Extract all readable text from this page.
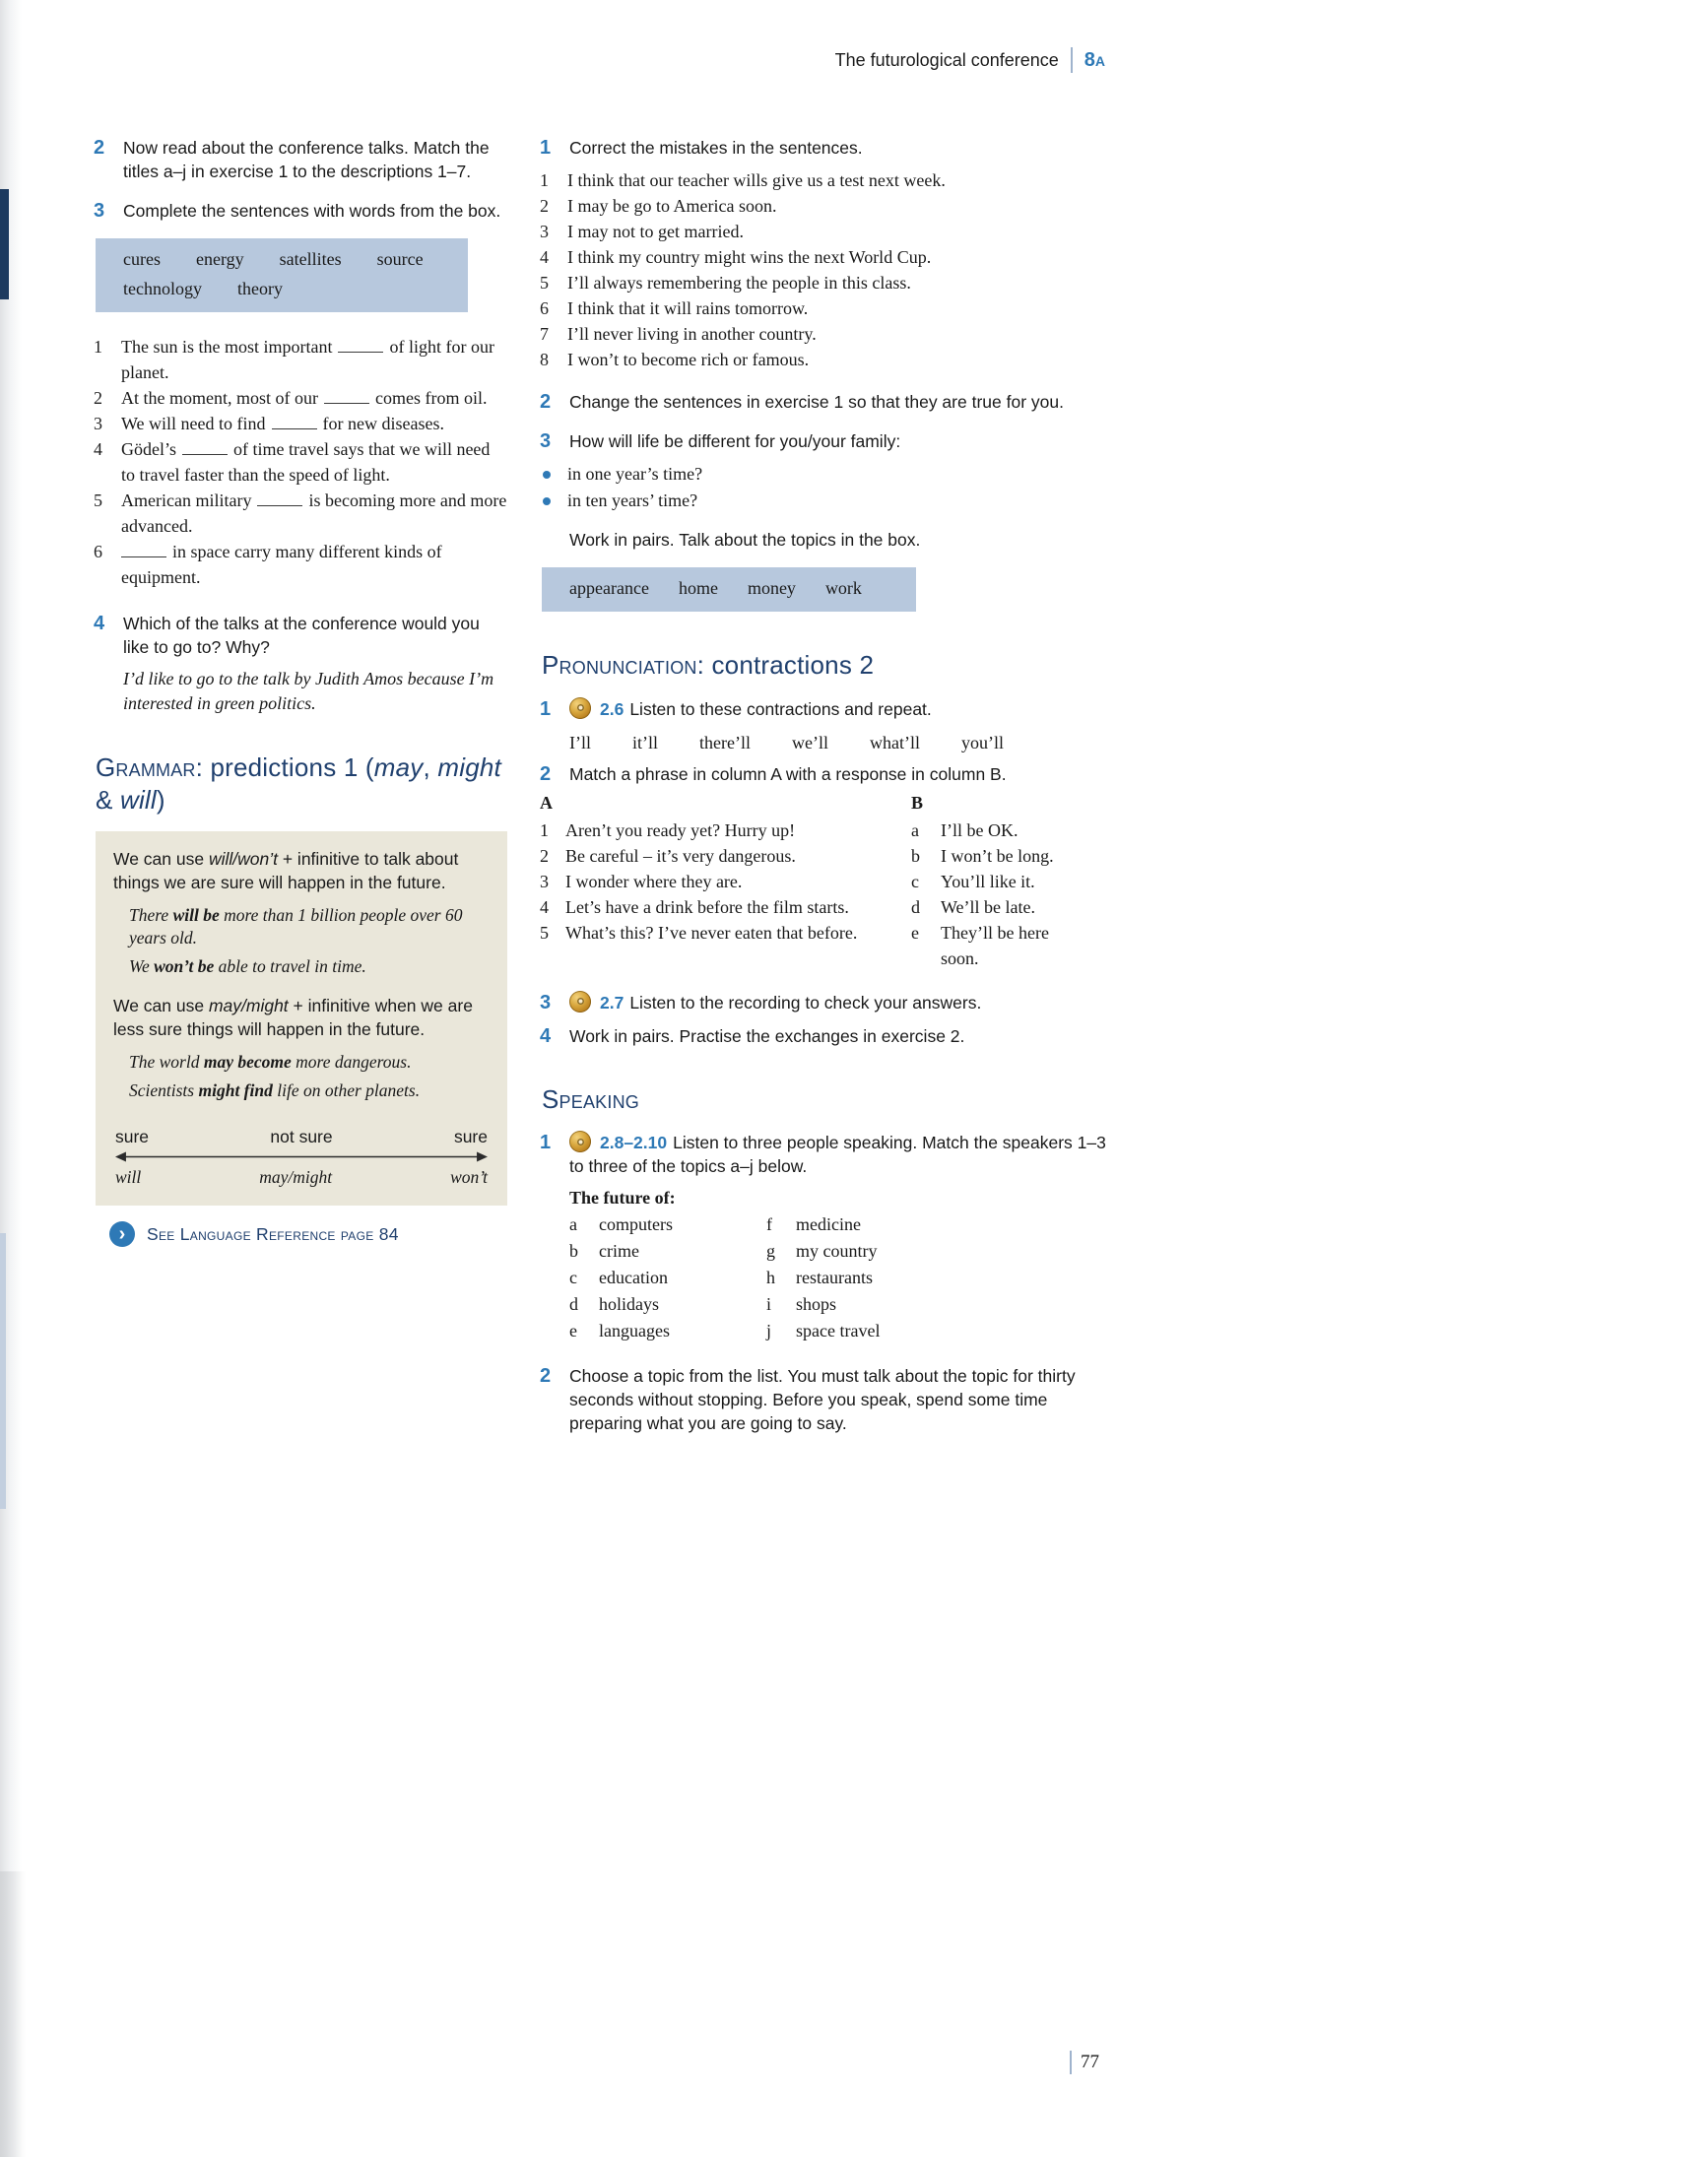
The futurological conference 8a
2	Now read about the conference talks. Match the titles a–j in exercise 1 to the descriptions 1–7.
3	Complete the sentences with words from the box.
cures energy satellites source
technology theory
1	The sun is the most important	of light for our planet.
2	At the moment, most of our	comes from oil.
3	We will need to find	for new diseases.
4	Gödel’s	of time travel says that we will need to travel faster than the speed of light.
5	American military	is becoming more and more advanced.
6	in space carry many different kinds of equipment.
4	Which of the talks at the conference would you like to go to? Why?
I’d like to go to the talk by Judith Amos because I’m interested in green politics.
Grammar: predictions 1 (may, might & will)

We can use will/won’t + infinitive to talk about things we are sure will happen in the future.

There will be more than 1 billion people over 60 years old.

We won’t be able to travel in time.

We can use may/might + infinitive when we are less sure things will happen in the future.

The world may become more dangerous.

Scientists might find life on other planets.

sure	not sure	sure
will	may/might	won’t
›	See Language Reference page 84
1	Correct the mistakes in the sentences.
1	I think that our teacher wills give us a test next week.
2	I may be go to America soon.
3	I may not to get married.
4	I think my country might wins the next World Cup.
5	I’ll always remembering the people in this class.
6	I think that it will rains tomorrow.
7	I’ll never living in another country.
8	I won’t to become rich or famous.
2	Change the sentences in exercise 1 so that they are true for you.
3	How will life be different for you/your family:
in one year’s time?
in ten years’ time?
Work in pairs. Talk about the topics in the box.
appearance home money work
Pronunciation: contractions 2
1	2.6 Listen to these contractions and repeat.
I’ll it’ll there’ll we’ll what’ll you’ll
2	Match a phrase in column A with a response in column B.
A	B
1 Aren’t you ready yet? Hurry up!	a	I’ll be OK.
2 Be careful – it’s very dangerous.	b	I won’t be long.
3 I wonder where they are.	c	You’ll like it.
4 Let’s have a drink before the film starts.	d	We’ll be late.
5 What’s this? I’ve never eaten that before.	e	They’ll be here soon.
3	2.7 Listen to the recording to check your answers.
4	Work in pairs. Practise the exchanges in exercise 2.
Speaking
1	2.8–2.10 Listen to three people speaking. Match the speakers 1–3 to three of the topics a–j below.
The future of:
a	computers	f	medicine
b	crime	g	my country
c	education	h	restaurants
d	holidays	i	shops
e	languages	j	space travel
2	Choose a topic from the list. You must talk about the topic for thirty seconds without stopping. Before you speak, spend some time preparing what you are going to say.
77
